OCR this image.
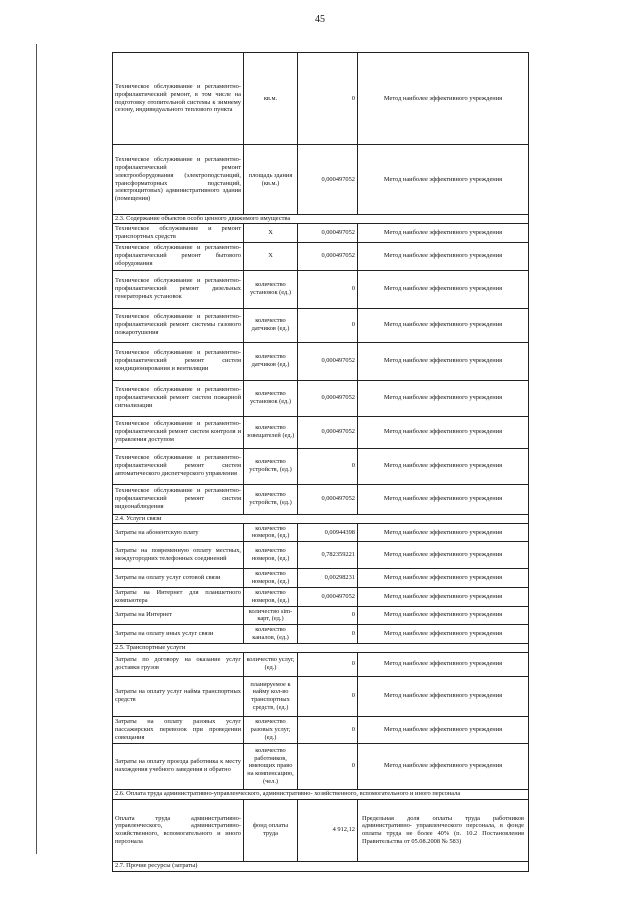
45
Техническое обслуживание и регламентно- профилактический ремонт, в том числе на подготовку отопительной системы к зимнему сезону, индивидуального теплового пункта	кв.м.	0	Метод наиболее эффективного учреждения
Техническое обслуживание и регламентно- профилактический ремонт электрооборудования (электроподстанций, трансформаторных подстанций, электрощитовых) административного здания (помещения)	площадь здания (кв.м.)	0,000497052	Метод наиболее эффективного учреждения
2.3. Содержание объектов особо ценного движимого имущества			
Техническое обслуживание и ремонт транспортных средств	X	0,000497052	Метод наиболее эффективного учреждения
Техническое обслуживание и регламентно- профилактический ремонт бытового оборудования	X	0,000497052	Метод наиболее эффективного учреждения
Техническое обслуживание и регламентно- профилактический ремонт дизельных генераторных установок	количество установок (ед.)	0	Метод наиболее эффективного учреждения
Техническое обслуживание и регламентно- профилактический ремонт системы газового пожаротушения	количество датчиков (ед.)	0	Метод наиболее эффективного учреждения
Техническое обслуживание и регламентно- профилактический ремонт систем кондиционирования и вентиляции	количество датчиков (ед.)	0,000497052	Метод наиболее эффективного учреждения
Техническое обслуживание и регламентно- профилактический ремонт систем пожарной сигнализации	количество установок (ед.)	0,000497052	Метод наиболее эффективного учреждения
Техническое обслуживание и регламентно- профилактический ремонт систем контроля и управления доступом	количество зовещателей (ед.)	0,000497052	Метод наиболее эффективного учреждения
Техническое обслуживание и регламентно- профилактический ремонт систем автоматического диспетчерского управления	количество устройств, (ед.)	0	Метод наиболее эффективного учреждения
Техническое обслуживание и регламентно- профилактический ремонт систем видеонаблюдения	количество устройств, (ед.)	0,000497052	Метод наиболее эффективного учреждения
2.4. Услуги связи			
Затраты на абонентскую плату	количество номеров, (ед.)	0,00944398	Метод наиболее эффективного учреждения
Затраты на повременную оплату местных, междугородних телефонных соединений	количество номеров, (ед.)	0,782359221	Метод наиболее эффективного учреждения
Затраты на оплату услуг сотовой связи	количество номеров, (ед.)	0,00298231	Метод наиболее эффективного учреждения
Затраты на Интернет для планшетного компьютера	количество номеров, (ед.)	0,000497052	Метод наиболее эффективного учреждения
Затраты на Интернет	количество sim-карт, (ед.)	0	Метод наиболее эффективного учреждения
Затраты на оплату иных услуг связи	количество каналов, (ед.)	0	Метод наиболее эффективного учреждения
2.5. Транспортные услуги			
Затраты по договору на оказание услуг доставки грузов	количество услуг, (ед.)	0	Метод наиболее эффективного учреждения
Затраты на оплату услуг найма транспортных средств	планируемое к найму кол-во транспортных средств, (ед.)	0	Метод наиболее эффективного учреждения
Затраты на оплату разовых услуг пассажирских перевозок при проведении совещания	количество разовых услуг, (ед.)	0	Метод наиболее эффективного учреждения
Затраты на оплату проезда работника к месту нахождения учебного заведения и обратно	количество работников, имеющих право на компенсацию, (чел.)	0	Метод наиболее эффективного учреждения
2.6. Оплата труда административно-управленческого, административно- хозяйственного, вспомогательного и иного персонала			
Оплата труда административно-управленческого, административно-хозяйственного, вспомогательного и иного персонала	фонд оплаты труда	4 912,12	Предельная доля оплаты труда работников административно- управленческого персонала, в фонде оплаты труда не более 40% (п. 10.2 Постановления Правительства от 05.08.2008 № 583)
2.7. Прочие ресурсы (затраты)			
